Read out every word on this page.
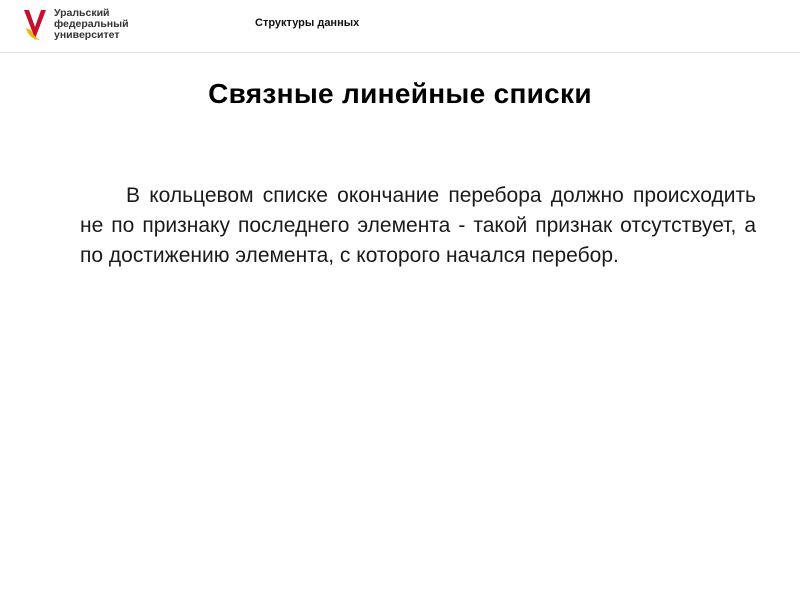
Уральский
федеральный
университет
Структуры данных
Связные линейные списки

В кольцевом списке окончание перебора должно происходить не по признаку последнего элемента - такой признак отсутствует, а по достижению элемента, с которого начался перебор.
